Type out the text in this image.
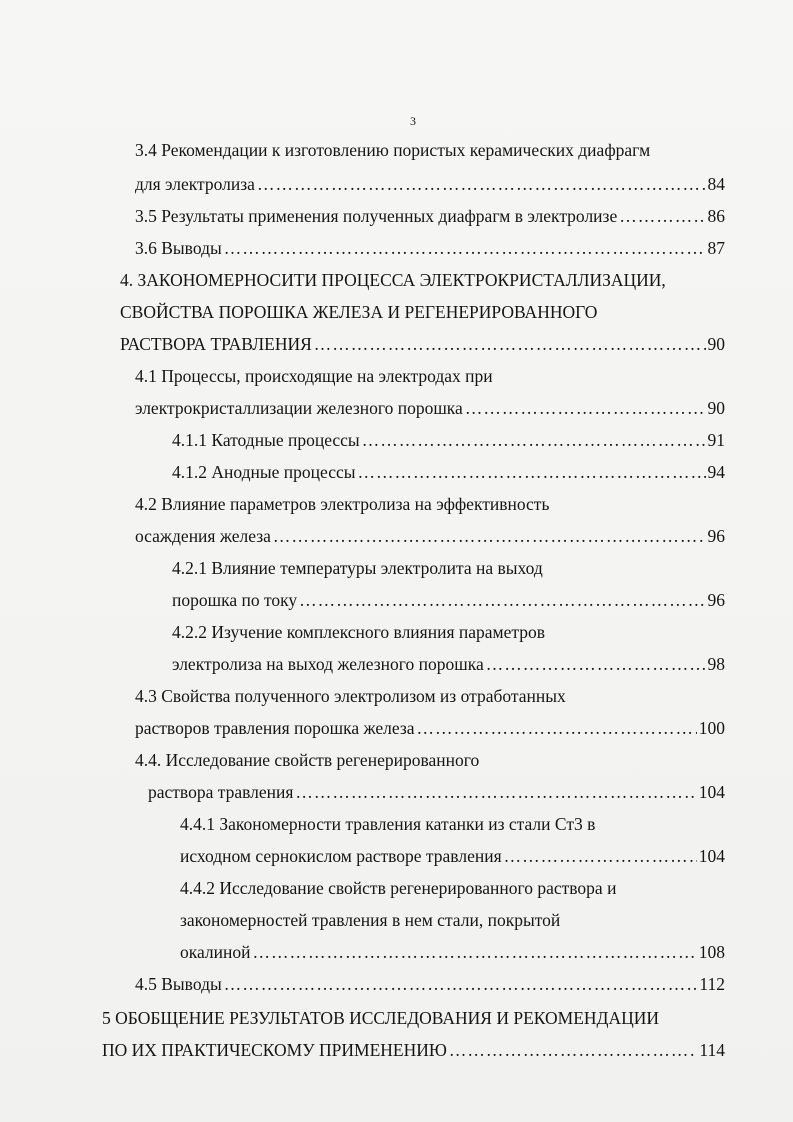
3
3.4 Рекомендации к изготовлению пористых керамических диафрагм
для электролиза ……………………………………………………………………………………………………………………………………………………	84
3.5 Результаты применения полученных диафрагм в электролизе ……………………………………………………………………………………………………………………………………………………	86
3.6 Выводы ……………………………………………………………………………………………………………………………………………………	87
4. ЗАКОНОМЕРНОСИТИ ПРОЦЕССА ЭЛЕКТРОКРИСТАЛЛИЗАЦИИ,
СВОЙСТВА ПОРОШКА ЖЕЛЕЗА И РЕГЕНЕРИРОВАННОГО
РАСТВОРА ТРАВЛЕНИЯ ……………………………………………………………………………………………………………………………………………………	90
4.1 Процессы, происходящие на электродах при
электрокристаллизации железного порошка ……………………………………………………………………………………………………………………………………………………	90
4.1.1 Катодные процессы ……………………………………………………………………………………………………………………………………………………	91
4.1.2 Анодные процессы ……………………………………………………………………………………………………………………………………………………	94
4.2 Влияние параметров электролиза на эффективность
осаждения железа ……………………………………………………………………………………………………………………………………………………	96
4.2.1 Влияние температуры электролита на выход
порошка по току ……………………………………………………………………………………………………………………………………………………	96
4.2.2 Изучение комплексного влияния параметров
электролиза на выход железного порошка ……………………………………………………………………………………………………………………………………………………	98
4.3 Свойства полученного электролизом из отработанных
растворов травления порошка железа ……………………………………………………………………………………………………………………………………………………	100
4.4. Исследование свойств регенерированного
раствора травления ……………………………………………………………………………………………………………………………………………………	104
4.4.1 Закономерности травления катанки из стали Ст3 в
исходном сернокислом растворе травления ……………………………………………………………………………………………………………………………………………………	104
4.4.2 Исследование свойств регенерированного раствора и
закономерностей травления в нем стали, покрытой
окалиной ……………………………………………………………………………………………………………………………………………………	108
4.5 Выводы ……………………………………………………………………………………………………………………………………………………	112
5 ОБОБЩЕНИЕ РЕЗУЛЬТАТОВ ИССЛЕДОВАНИЯ И РЕКОМЕНДАЦИИ
ПО ИХ ПРАКТИЧЕСКОМУ ПРИМЕНЕНИЮ ……………………………………………………………………………………………………………………………………………………	114
